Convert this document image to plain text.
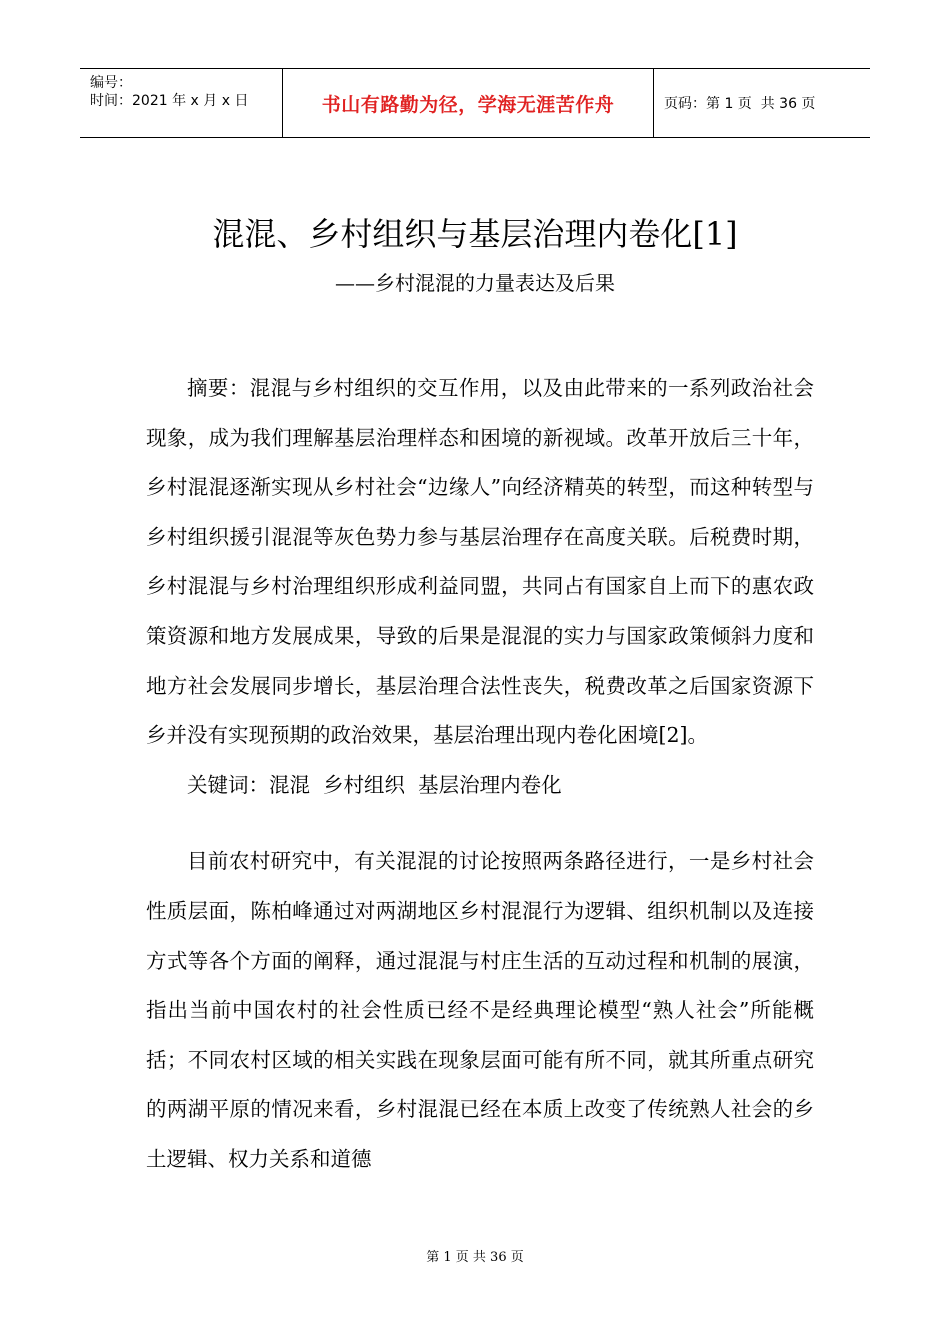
编号：
时间：2021 年 x 月 x 日	书山有路勤为径，学海无涯苦作舟	页码：第 1 页  共 36 页
混混、乡村组织与基层治理内卷化[1]
——乡村混混的力量表达及后果

摘要：混混与乡村组织的交互作用，以及由此带来的一系列政治社会现象，成为我们理解基层治理样态和困境的新视域。改革开放后三十年，乡村混混逐渐实现从乡村社会“边缘人”向经济精英的转型，而这种转型与乡村组织援引混混等灰色势力参与基层治理存在高度关联。后税费时期，乡村混混与乡村治理组织形成利益同盟，共同占有国家自上而下的惠农政策资源和地方发展成果，导致的后果是混混的实力与国家政策倾斜力度和地方社会发展同步增长，基层治理合法性丧失，税费改革之后国家资源下乡并没有实现预期的政治效果，基层治理出现内卷化困境[2]。

关键词：混混  乡村组织  基层治理内卷化

目前农村研究中，有关混混的讨论按照两条路径进行，一是乡村社会性质层面，陈柏峰通过对两湖地区乡村混混行为逻辑、组织机制以及连接方式等各个方面的阐释，通过混混与村庄生活的互动过程和机制的展演，指出当前中国农村的社会性质已经不是经典理论模型“熟人社会”所能概括；不同农村区域的相关实践在现象层面可能有所不同，就其所重点研究的两湖平原的情况来看，乡村混混已经在本质上改变了传统熟人社会的乡土逻辑、权力关系和道德

第 1 页 共 36 页
